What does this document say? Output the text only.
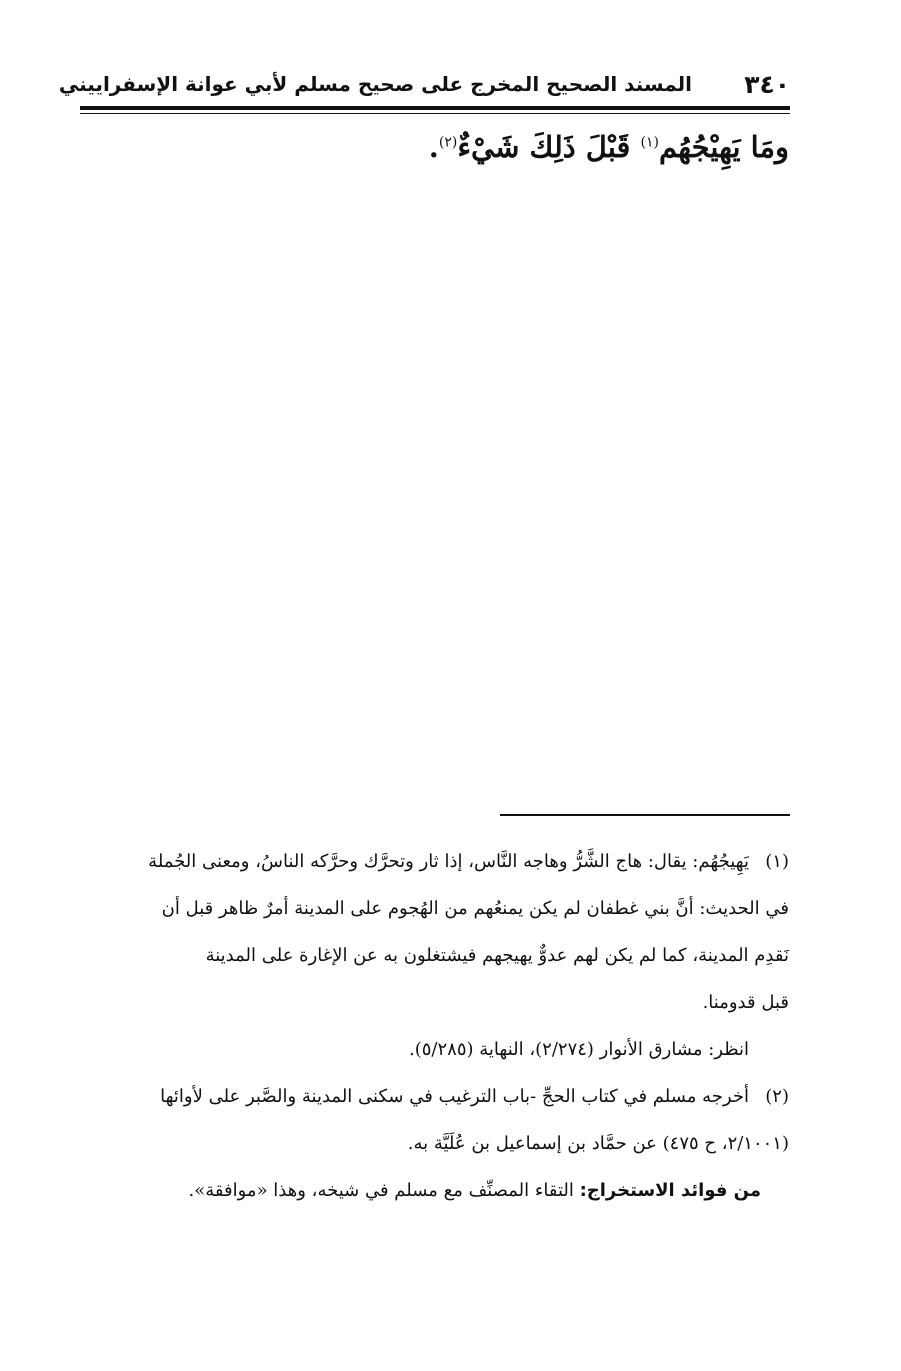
٣٤٠
المسند الصحيح المخرج على صحيح مسلم لأبي عوانة الإسفراييني
ومَا يَهِيْجُهُم$^{(١)}$ قَبْلَ ذَلِكَ شَيْءٌ$^{(٢)}$.

(١)يَهِيجُهُم: يقال: هاج الشَّرُّ وهاجه النَّاس، إذا ثار وتحرَّك وحرَّكه الناسُ، ومعنى الجُملة

في الحديث: أنَّ بني غطفان لم يكن يمنعُهم من الهُجوم على المدينة أمرٌ ظاهر قبل أن

نَقدِم المدينة، كما لم يكن لهم عدوٌّ يهيجهم فيشتغلون به عن الإغارة على المدينة

قبل قدومنا.

انظر: مشارق الأنوار (٢/٢٧٤)، النهاية (٥/٢٨٥).

(٢)أخرجه مسلم في كتاب الحجِّ -باب الترغيب في سكنى المدينة والصَّبر على لأوائها

(٢/١٠٠١، ح ٤٧٥) عن حمَّاد بن إسماعيل بن عُلَيَّة به.

من فوائد الاستخراج: التقاء المصنِّف مع مسلم في شيخه، وهذا «موافقة».
